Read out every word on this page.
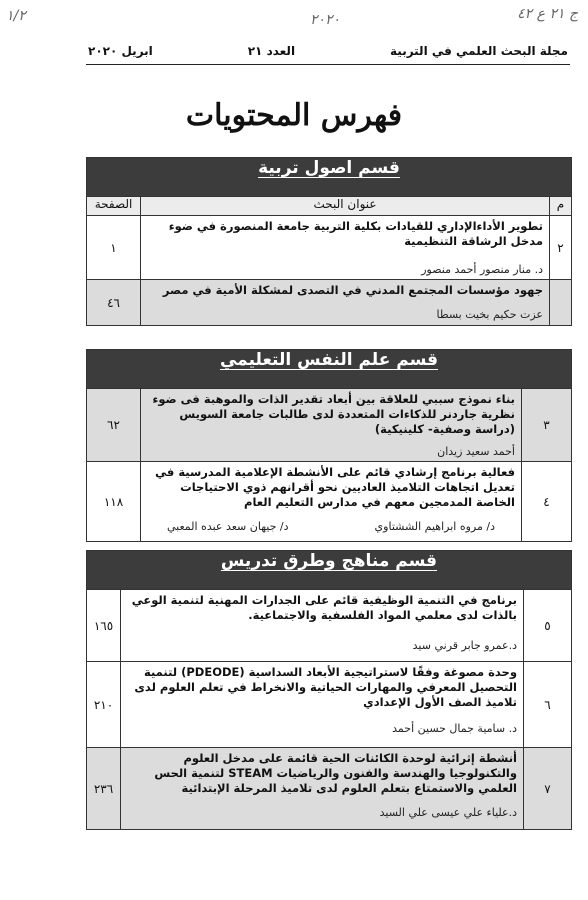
١/٢	٢٠٢٠	ج ٢١ ع ٤٢
مجلة البحث العلمي في التربية
العدد ٢١
ابريل ٢٠٢٠
فهرس المحتويات
قسم اصول تربية		
م	عنوان البحث	الصفحة
٢	تطوير الأداءالإداري للقيادات بكلية التربية جامعة المنصورة في ضوء مدخل الرشاقة التنظيمية
د. منار منصور أحمد منصور	١

	جهود مؤسسات المجتمع المدني في التصدى لمشكلة الأمية في مصر
عزت حكيم بخيت بسطا	٤٦
قسم علم النفس التعليمي		
٣	بناء نموذج سببي للعلاقة بين أبعاد تقدير الذات والموهبة فى ضوء نظرية جاردنر للذكاءات المتعددة لدى طالبات جامعة السويس (دراسة وصفية- كلينيكية)
أحمد سعيد زيدان	٦٢
٤	فعالية برنامج إرشادي قائم على الأنشطة الإعلامية المدرسية في تعديل اتجاهات التلاميذ العاديين نحو أقرانهم ذوي الاحتياجات الخاصة المدمجين معهم في مدارس التعليم العام
د/ مروه ابراهيم الششتاوي
د/ جيهان سعد عبده المعبي	١١٨
قسم مناهج وطرق تدريس		
٥	برنامج في التنمية الوظيفية قائم على الجدارات المهنية لتنمية الوعي بالذات لدى معلمي المواد الفلسفية والاجتماعية.
د.عمرو جابر قرني سيد	١٦٥
٦	وحدة مصوغة وفقًا لاستراتيجية الأبعاد السداسية (PDEODE) لتنمية التحصيل المعرفي والمهارات الحياتية والانخراط في تعلم العلوم لدى تلاميذ الصف الأول الإعدادي
د. سامية جمال حسين أحمد	٢١٠
٧	أنشطة إثرائية لوحدة الكائنات الحية قائمة على مدخل العلوم والتكنولوجيا والهندسة والفنون والرياضيات STEAM لتنمية الحس العلمي والاستمتاع بتعلم العلوم لدى تلاميذ المرحلة الإبتدائية
د.علياء علي عيسى علي السيد	٢٣٦
